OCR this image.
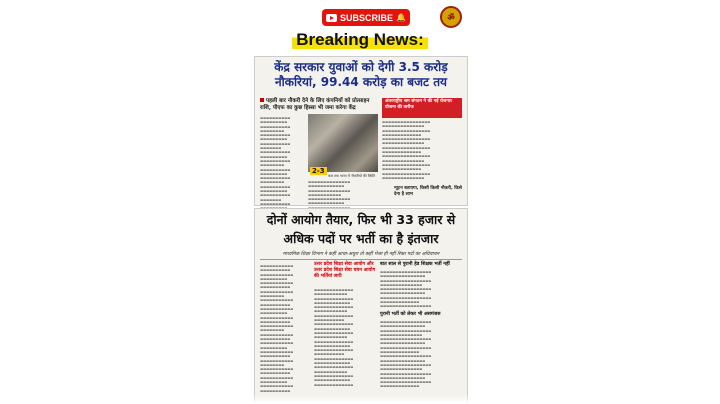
SUBSCRIBE 🔔	ॐ
Breaking News:
केंद्र सरकार युवाओं को देगी 3.5 करोड़ नौकरियां, 99.44 करोड़ का बजट तय
पहली बार नौकरी देने के लिए कंपनियों को प्रोत्साहन राशि, पीएफ का कुछ हिस्सा भी जमा करेगा केंद्र
▬▬▬▬▬▬▬▬▬▬ ▬▬▬▬▬▬▬▬▬ ▬▬▬▬▬▬▬▬▬▬ ▬▬▬▬▬▬▬▬ ▬▬▬▬▬▬▬▬▬▬ ▬▬▬▬▬▬▬▬▬ ▬▬▬▬▬▬▬▬▬▬ ▬▬▬▬▬▬▬ ▬▬▬▬▬▬▬▬▬▬ ▬▬▬▬▬▬▬▬▬ ▬▬▬▬▬▬▬▬▬▬ ▬▬▬▬▬▬▬▬ ▬▬▬▬▬▬▬▬▬▬ ▬▬▬▬▬▬▬▬▬ ▬▬▬▬▬▬▬▬▬▬ ▬▬▬▬▬▬▬▬ ▬▬▬▬▬▬▬▬▬▬ ▬▬▬▬▬▬▬▬▬ ▬▬▬▬▬▬▬▬▬▬ ▬▬▬▬▬▬▬ ▬▬▬▬▬▬▬▬▬▬
2-3
कल तक भारत में नौकरियों की स्थिति
▬▬▬▬▬▬▬▬▬▬▬▬▬▬ ▬▬▬▬▬▬▬▬▬▬▬▬ ▬▬▬▬▬▬▬▬▬▬▬▬▬▬ ▬▬▬▬▬▬▬▬▬▬▬ ▬▬▬▬▬▬▬▬▬▬▬▬▬▬ ▬▬▬▬▬▬▬▬▬▬▬▬
अंतरराष्ट्रीय श्रम संगठन ने की नई रोजगार योजना की तारीफ
▬▬▬▬▬▬▬▬▬▬▬▬▬▬▬▬ ▬▬▬▬▬▬▬▬▬▬▬▬▬▬ ▬▬▬▬▬▬▬▬▬▬▬▬▬▬▬▬ ▬▬▬▬▬▬▬▬▬▬▬▬▬ ▬▬▬▬▬▬▬▬▬▬▬▬▬▬▬▬ ▬▬▬▬▬▬▬▬▬▬▬▬▬▬ ▬▬▬▬▬▬▬▬▬▬▬▬▬▬▬▬ ▬▬▬▬▬▬▬▬▬▬▬▬▬ ▬▬▬▬▬▬▬▬▬▬▬▬▬▬▬▬ ▬▬▬▬▬▬▬▬▬▬▬▬▬▬ ▬▬▬▬▬▬▬▬▬▬▬▬▬▬▬▬ ▬▬▬▬▬▬▬▬▬▬▬▬▬ ▬▬▬▬▬▬▬▬▬▬▬▬▬▬▬▬ ▬▬▬▬▬▬▬▬▬▬▬▬▬▬
न्यूटन बताएगा, किसी किसी नौकरी, किसे देना है लाभ
दोनों आयोग तैयार, फिर भी 33 हजार से अधिक पदों पर भर्ती का है इंतजार
माध्यमिक शिक्षा विभाग ने कहीं आधा-अधूरा तो कहीं भेजा ही नहीं रिक्त पदों का अधियाचन
▬▬▬▬▬▬▬▬▬▬▬ ▬▬▬▬▬▬▬▬▬▬ ▬▬▬▬▬▬▬▬▬▬▬ ▬▬▬▬▬▬▬▬▬ ▬▬▬▬▬▬▬▬▬▬▬ ▬▬▬▬▬▬▬▬▬▬ ▬▬▬▬▬▬▬▬▬▬▬ ▬▬▬▬▬▬▬▬ ▬▬▬▬▬▬▬▬▬▬▬ ▬▬▬▬▬▬▬▬▬▬ ▬▬▬▬▬▬▬▬▬▬▬ ▬▬▬▬▬▬▬▬▬ ▬▬▬▬▬▬▬▬▬▬▬ ▬▬▬▬▬▬▬▬▬▬ ▬▬▬▬▬▬▬▬▬▬▬ ▬▬▬▬▬▬▬▬ ▬▬▬▬▬▬▬▬▬▬▬ ▬▬▬▬▬▬▬▬▬▬ ▬▬▬▬▬▬▬▬▬▬▬ ▬▬▬▬▬▬▬▬▬ ▬▬▬▬▬▬▬▬▬▬▬ ▬▬▬▬▬▬▬▬▬▬ ▬▬▬▬▬▬▬▬▬▬▬ ▬▬▬▬▬▬▬▬ ▬▬▬▬▬▬▬▬▬▬▬ ▬▬▬▬▬▬▬▬▬▬ ▬▬▬▬▬▬▬▬▬▬▬ ▬▬▬▬▬▬▬▬▬ ▬▬▬▬▬▬▬▬▬▬▬ ▬▬▬▬▬▬▬▬▬▬
उत्तर प्रदेश शिक्षा सेवा आयोग और उत्तर प्रदेश शिक्षा सेवा चयन आयोग की भर्तियां जारी
▬▬▬▬▬▬▬▬▬▬▬▬▬ ▬▬▬▬▬▬▬▬▬▬▬ ▬▬▬▬▬▬▬▬▬▬▬▬▬ ▬▬▬▬▬▬▬▬▬▬▬▬ ▬▬▬▬▬▬▬▬▬▬▬▬▬ ▬▬▬▬▬▬▬▬▬▬▬ ▬▬▬▬▬▬▬▬▬▬▬▬▬ ▬▬▬▬▬▬▬▬▬▬ ▬▬▬▬▬▬▬▬▬▬▬▬▬ ▬▬▬▬▬▬▬▬▬▬▬▬ ▬▬▬▬▬▬▬▬▬▬▬▬▬ ▬▬▬▬▬▬▬▬▬▬▬ ▬▬▬▬▬▬▬▬▬▬▬▬▬ ▬▬▬▬▬▬▬▬▬▬▬▬ ▬▬▬▬▬▬▬▬▬▬▬▬▬ ▬▬▬▬▬▬▬▬▬▬ ▬▬▬▬▬▬▬▬▬▬▬▬▬ ▬▬▬▬▬▬▬▬▬▬▬▬ ▬▬▬▬▬▬▬▬▬▬▬▬▬ ▬▬▬▬▬▬▬▬▬▬▬ ▬▬▬▬▬▬▬▬▬▬▬▬▬ ▬▬▬▬▬▬▬▬▬▬▬▬ ▬▬▬▬▬▬▬▬▬▬▬▬▬
बात साल से पुरानी हेड शिक्षक भर्ती नहीं
▬▬▬▬▬▬▬▬▬▬▬▬▬▬▬▬▬ ▬▬▬▬▬▬▬▬▬▬▬▬▬▬▬ ▬▬▬▬▬▬▬▬▬▬▬▬▬▬▬▬▬ ▬▬▬▬▬▬▬▬▬▬▬▬▬▬ ▬▬▬▬▬▬▬▬▬▬▬▬▬▬▬▬▬ ▬▬▬▬▬▬▬▬▬▬▬▬▬▬▬ ▬▬▬▬▬▬▬▬▬▬▬▬▬▬▬▬▬ ▬▬▬▬▬▬▬▬▬▬▬▬▬ ▬▬▬▬▬▬▬▬▬▬▬▬▬▬▬▬▬
पुरानी भर्ती को लेकर भी असमंजस
▬▬▬▬▬▬▬▬▬▬▬▬▬▬▬▬▬ ▬▬▬▬▬▬▬▬▬▬▬▬▬▬▬ ▬▬▬▬▬▬▬▬▬▬▬▬▬▬▬▬▬ ▬▬▬▬▬▬▬▬▬▬▬▬▬▬ ▬▬▬▬▬▬▬▬▬▬▬▬▬▬▬▬▬ ▬▬▬▬▬▬▬▬▬▬▬▬▬▬▬ ▬▬▬▬▬▬▬▬▬▬▬▬▬▬▬▬▬ ▬▬▬▬▬▬▬▬▬▬▬▬▬ ▬▬▬▬▬▬▬▬▬▬▬▬▬▬▬▬▬ ▬▬▬▬▬▬▬▬▬▬▬▬▬▬▬ ▬▬▬▬▬▬▬▬▬▬▬▬▬▬▬▬▬ ▬▬▬▬▬▬▬▬▬▬▬▬▬▬ ▬▬▬▬▬▬▬▬▬▬▬▬▬▬▬▬▬ ▬▬▬▬▬▬▬▬▬▬▬▬▬▬▬ ▬▬▬▬▬▬▬▬▬▬▬▬▬▬▬▬▬ ▬▬▬▬▬▬▬▬▬▬▬▬▬
